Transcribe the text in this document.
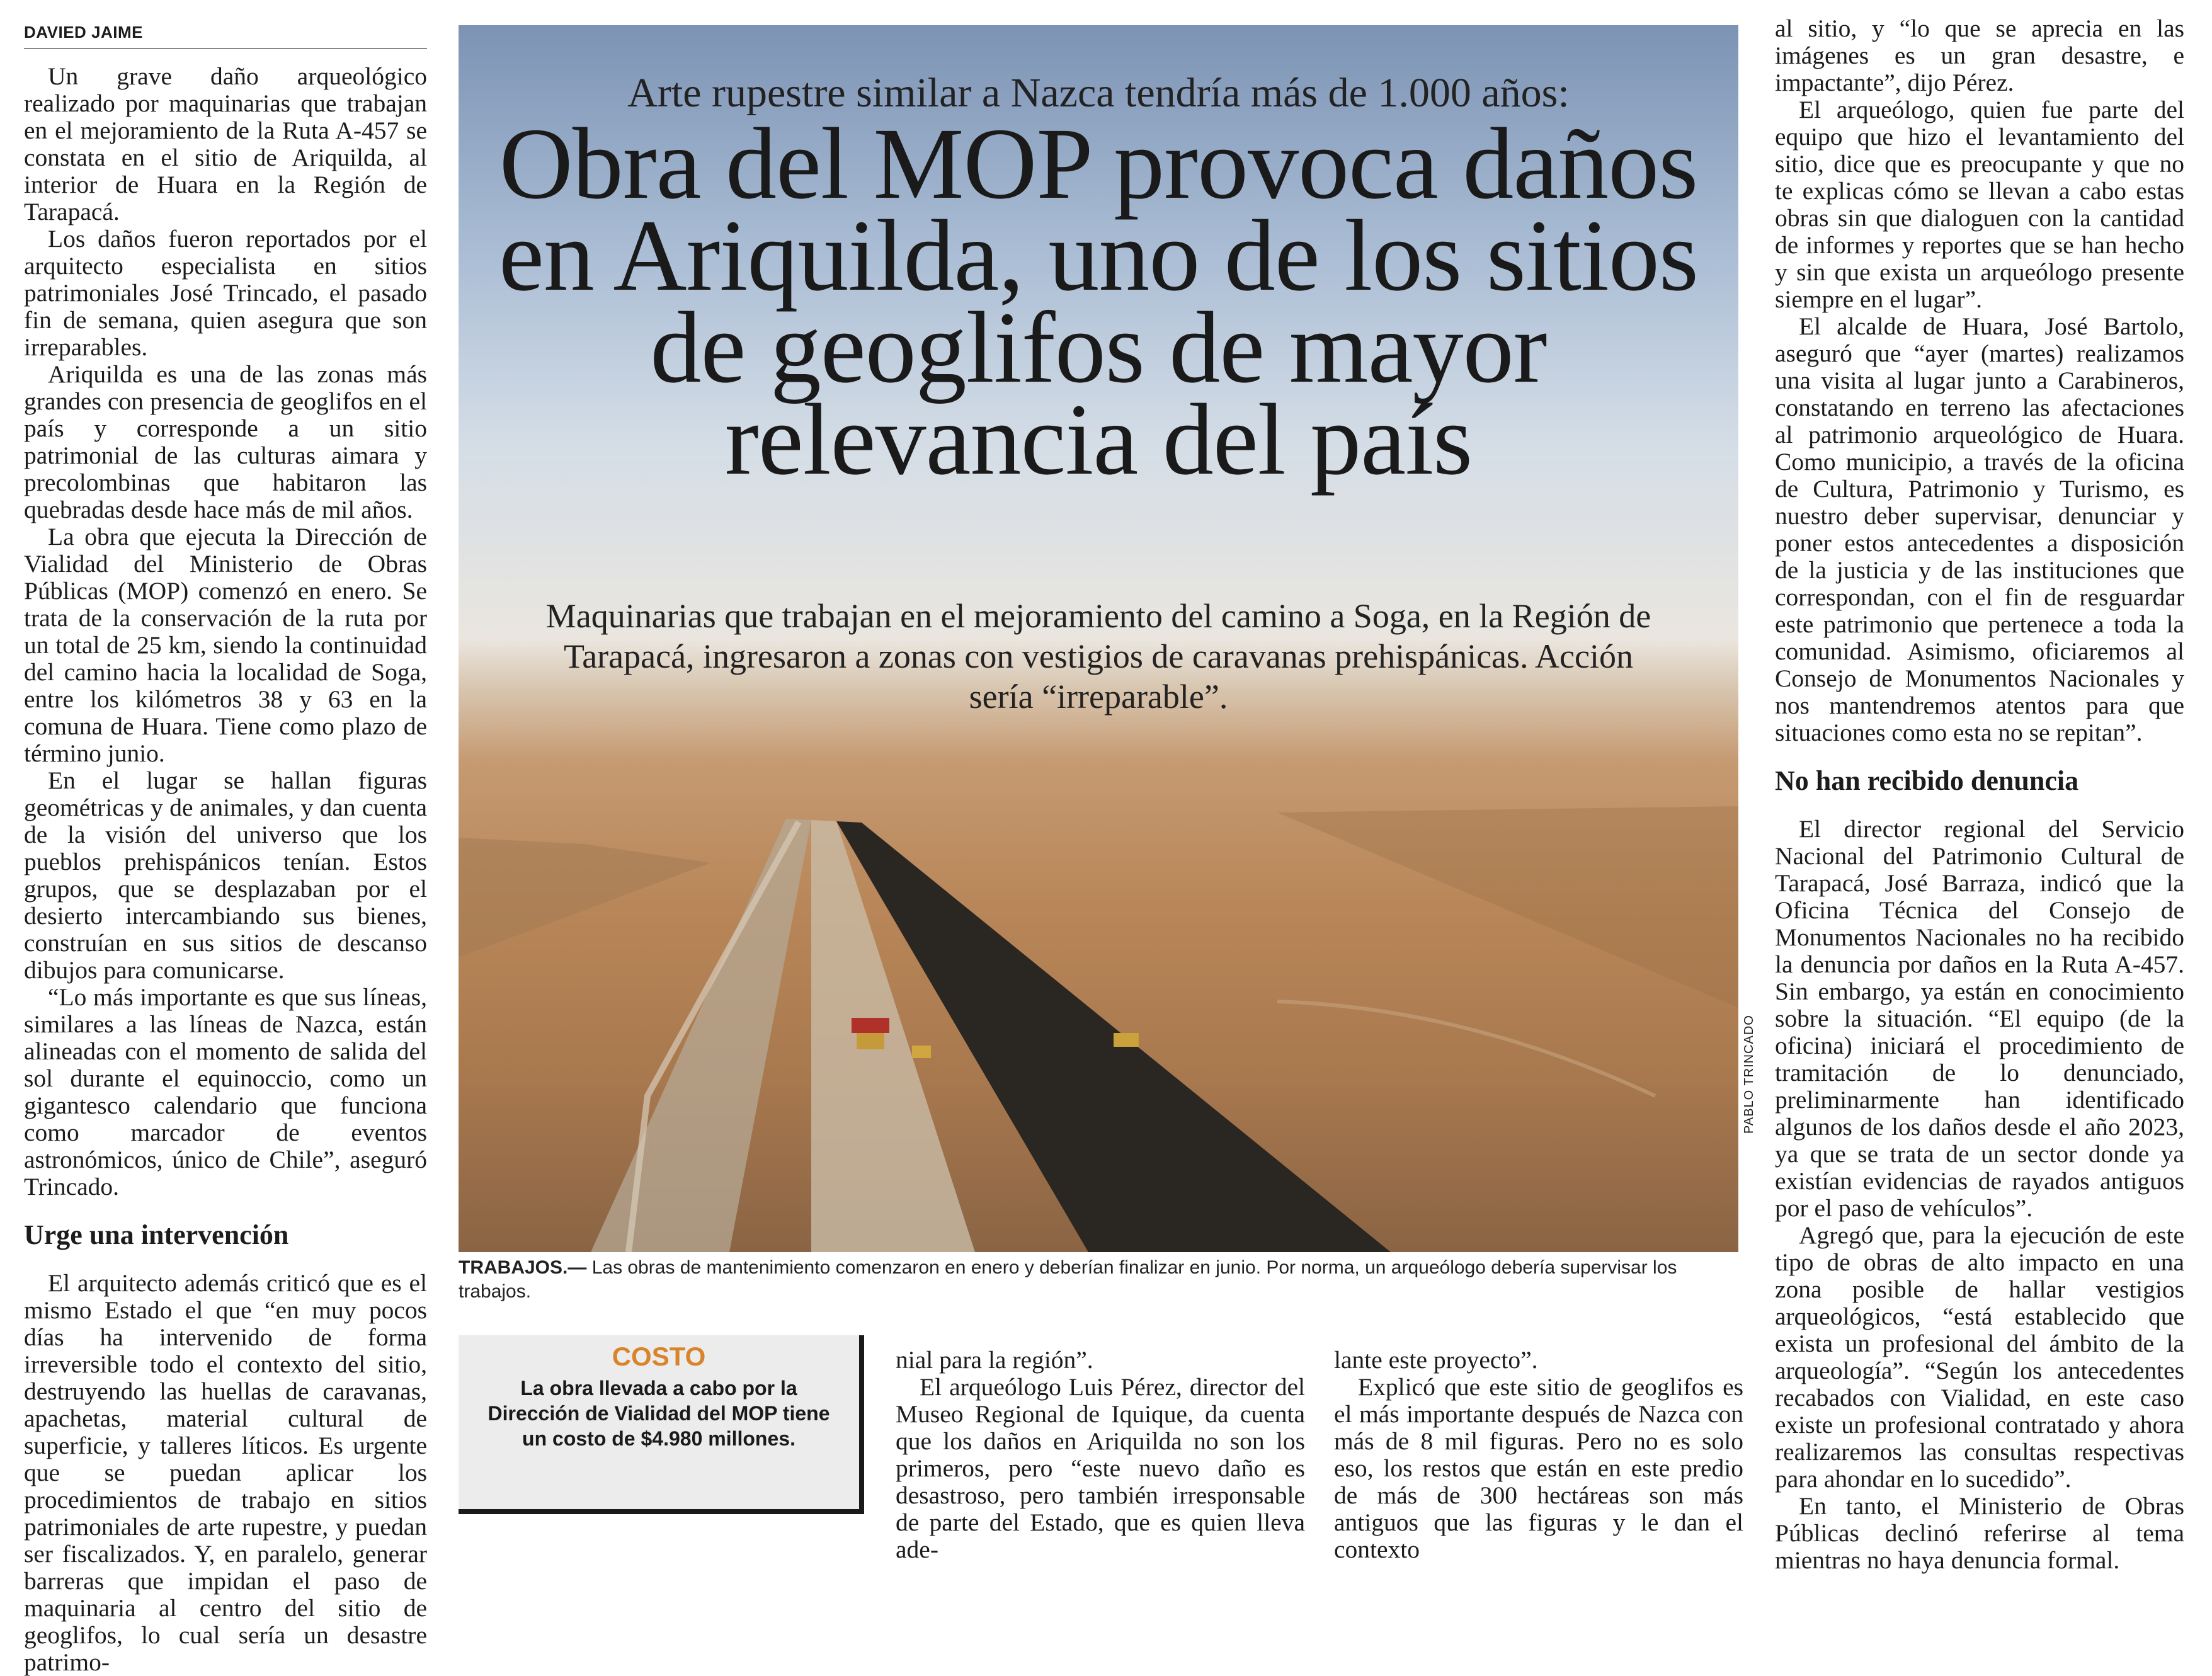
DAVIED JAIME

Un grave daño arqueológico realizado por maquinarias que trabajan en el mejoramiento de la Ruta A-457 se constata en el sitio de Ariquilda, al interior de Huara en la Región de Tarapacá.

Los daños fueron reportados por el arquitecto especialista en sitios patrimoniales José Trincado, el pasado fin de semana, quien asegura que son irreparables.

Ariquilda es una de las zonas más grandes con presencia de geoglifos en el país y corresponde a un sitio patrimonial de las culturas aimara y precolombinas que habitaron las quebradas desde hace más de mil años.

La obra que ejecuta la Dirección de Vialidad del Ministerio de Obras Públicas (MOP) comenzó en enero. Se trata de la conservación de la ruta por un total de 25 km, siendo la continuidad del camino hacia la localidad de Soga, entre los kilómetros 38 y 63 en la comuna de Huara. Tiene como plazo de término junio.

En el lugar se hallan figuras geométricas y de animales, y dan cuenta de la visión del universo que los pueblos prehispánicos tenían. Estos grupos, que se desplazaban por el desierto intercambiando sus bienes, construían en sus sitios de descanso dibujos para comunicarse.

“Lo más importante es que sus líneas, similares a las líneas de Nazca, están alineadas con el momento de salida del sol durante el equinoccio, como un gigantesco calendario que funciona como marcador de eventos astronómicos, único de Chile”, aseguró Trincado.

Urge una intervención

El arquitecto además criticó que es el mismo Estado el que “en muy pocos días ha intervenido de forma irreversible todo el contexto del sitio, destruyendo las huellas de caravanas, apachetas, material cultural de superficie, y talleres líticos. Es urgente que se puedan aplicar los procedimientos de trabajo en sitios patrimoniales de arte rupestre, y puedan ser fiscalizados. Y, en paralelo, generar barreras que impidan el paso de maquinaria al centro del sitio de geoglifos, lo cual sería un desastre patrimo-

Arte rupestre similar a Nazca tendría más de 1.000 años:
Obra del MOP provoca daños en Ariquilda, uno de los sitios de geoglifos de mayor relevancia del país
Maquinarias que trabajan en el mejoramiento del camino a Soga, en la Región de Tarapacá, ingresaron a zonas con vestigios de caravanas prehispánicas. Acción sería “irreparable”.
PABLO TRINCADO
TRABAJOS.— Las obras de mantenimiento comenzaron en enero y deberían finalizar en junio. Por norma, un arqueólogo debería supervisar los trabajos.
COSTO
La obra llevada a cabo por la Dirección de Vialidad del MOP tiene un costo de $4.980 millones.

nial para la región”.

El arqueólogo Luis Pérez, director del Museo Regional de Iquique, da cuenta que los daños en Ariquilda no son los primeros, pero “este nuevo daño es desastroso, pero también irresponsable de parte del Estado, que es quien lleva ade-

lante este proyecto”.

Explicó que este sitio de geoglifos es el más importante después de Nazca con más de 8 mil figuras. Pero no es solo eso, los restos que están en este predio de más de 300 hectáreas son más antiguos que las figuras y le dan el contexto

al sitio, y “lo que se aprecia en las imágenes es un gran desastre, e impactante”, dijo Pérez.

El arqueólogo, quien fue parte del equipo que hizo el levantamiento del sitio, dice que es preocupante y que no te explicas cómo se llevan a cabo estas obras sin que dialoguen con la cantidad de informes y reportes que se han hecho y sin que exista un arqueólogo presente siempre en el lugar”.

El alcalde de Huara, José Bartolo, aseguró que “ayer (martes) realizamos una visita al lugar junto a Carabineros, constatando en terreno las afectaciones al patrimonio arqueológico de Huara. Como municipio, a través de la oficina de Cultura, Patrimonio y Turismo, es nuestro deber supervisar, denunciar y poner estos antecedentes a disposición de la justicia y de las instituciones que correspondan, con el fin de resguardar este patrimonio que pertenece a toda la comunidad. Asimismo, oficiaremos al Consejo de Monumentos Nacionales y nos mantendremos atentos para que situaciones como esta no se repitan”.

No han recibido denuncia

El director regional del Servicio Nacional del Patrimonio Cultural de Tarapacá, José Barraza, indicó que la Oficina Técnica del Consejo de Monumentos Nacionales no ha recibido la denuncia por daños en la Ruta A-457. Sin embargo, ya están en conocimiento sobre la situación. “El equipo (de la oficina) iniciará el procedimiento de tramitación de lo denunciado, preliminarmente han identificado algunos de los daños desde el año 2023, ya que se trata de un sector donde ya existían evidencias de rayados antiguos por el paso de vehículos”.

Agregó que, para la ejecución de este tipo de obras de alto impacto en una zona posible de hallar vestigios arqueológicos, “está establecido que exista un profesional del ámbito de la arqueología”. “Según los antecedentes recabados con Vialidad, en este caso existe un profesional contratado y ahora realizaremos las consultas respectivas para ahondar en lo sucedido”.

En tanto, el Ministerio de Obras Públicas declinó referirse al tema mientras no haya denuncia formal.
